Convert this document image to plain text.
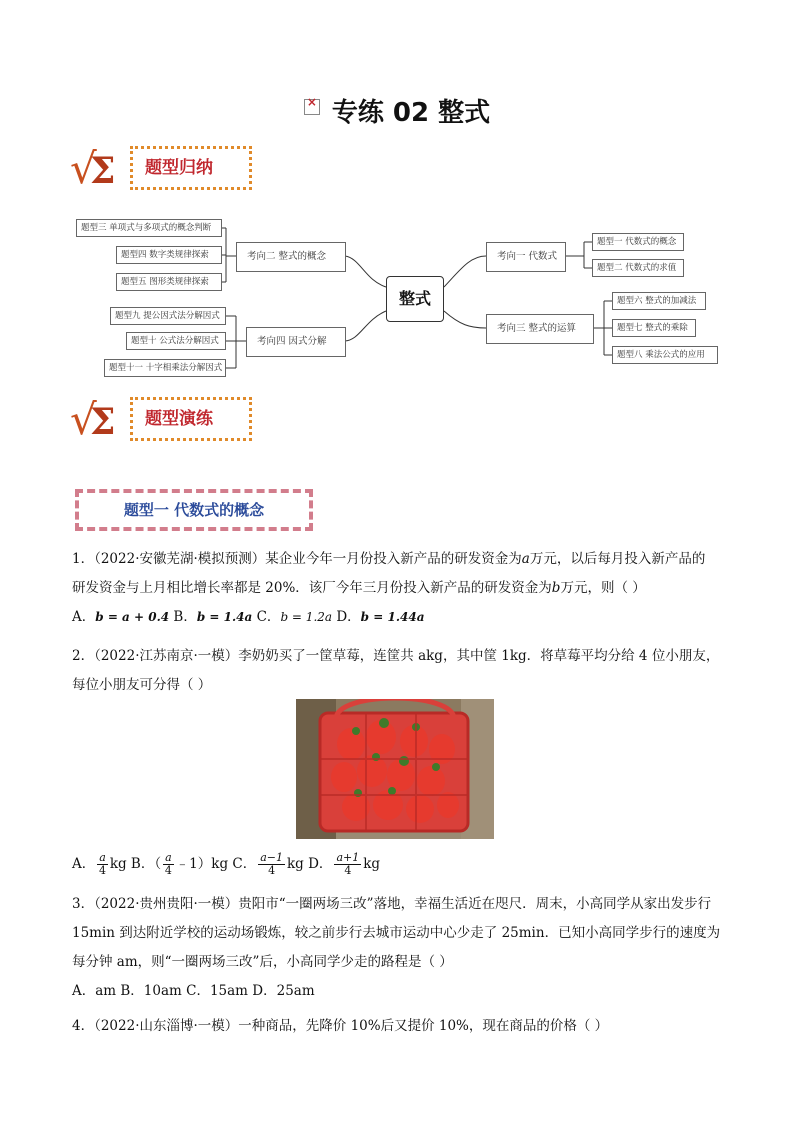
×专练 02 整式
√
Σ	题型归纳
整式
考向二 整式的概念
题型三 单项式与多项式的概念判断
题型四 数字类规律探索
题型五 图形类规律探索
考向四 因式分解
题型九 提公因式法分解因式
题型十 公式法分解因式
题型十一 十字相乘法分解因式
考向一 代数式
题型一 代数式的概念
题型二 代数式的求值
考向三 整式的运算
题型六 整式的加减法
题型七 整式的乘除
题型八 乘法公式的应用
√
Σ	题型演练
题型一 代数式的概念
1．（2022·安徽芜湖·模拟预测）某企业今年一月份投入新产品的研发资金为a万元，以后每月投入新产品的
研发资金与上月相比增长率都是 20%．该厂今年三月份投入新产品的研发资金为b万元，则（ ）
A．b = a + 0.4 B．b = 1.4a C．b = 1.2a D．b = 1.44a
2．（2022·江苏南京·一模）李奶奶买了一筐草莓，连筐共 akg，其中筐 1kg．将草莓平均分给 4 位小朋友，
每位小朋友可分得（ ）
A． $\frac{a}{4}$ kg B．（ $\frac{a}{4}$ ﹣1）kg C． $\frac{a-1}{4}$ kg D． $\frac{a+1}{4}$ kg
3．（2022·贵州贵阳·一模）贵阳市“一圈两场三改”落地，幸福生活近在咫尺．周末，小高同学从家出发步行
15min 到达附近学校的运动场锻炼，较之前步行去城市运动中心少走了 25min．已知小高同学步行的速度为
每分钟 am，则“一圈两场三改”后，小高同学少走的路程是（ ）
A．am B．10am C．15am D．25am
4．（2022·山东淄博·一模）一种商品，先降价 10%后又提价 10%，现在商品的价格（ ）
